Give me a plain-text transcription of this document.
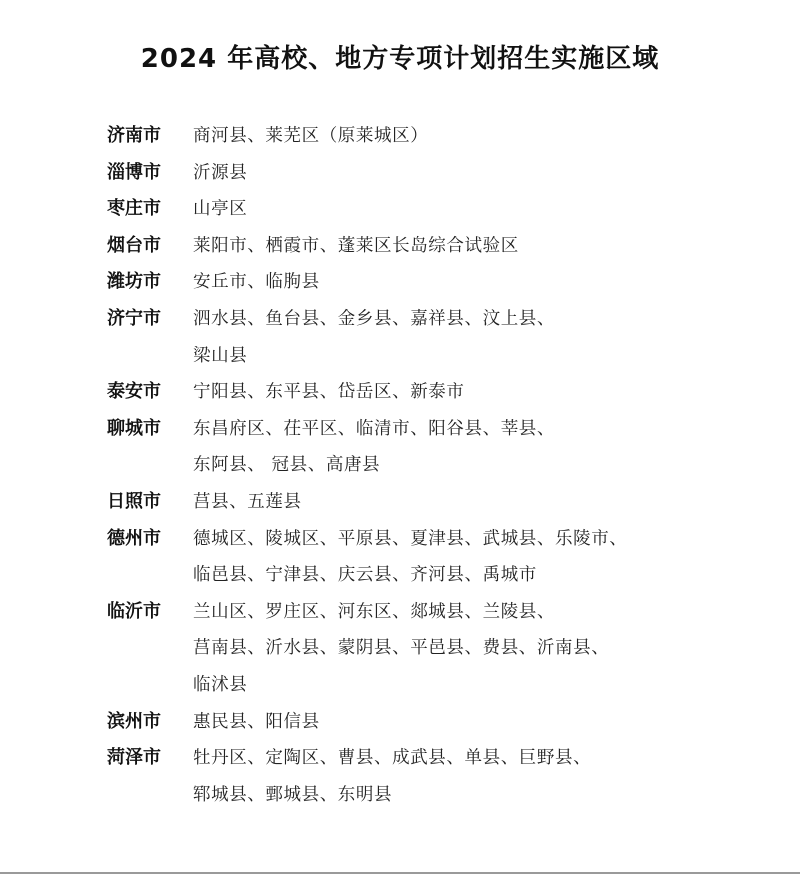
2024 年高校、地方专项计划招生实施区域
济南市	商河县、莱芜区（原莱城区）
淄博市	沂源县
枣庄市	山亭区
烟台市	莱阳市、栖霞市、蓬莱区长岛综合试验区
潍坊市	安丘市、临朐县
济宁市	泗水县、鱼台县、金乡县、嘉祥县、汶上县、
梁山县
泰安市	宁阳县、东平县、岱岳区、新泰市
聊城市	东昌府区、茌平区、临清市、阳谷县、莘县、
东阿县、 冠县、高唐县
日照市	莒县、五莲县
德州市	德城区、陵城区、平原县、夏津县、武城县、乐陵市、
临邑县、宁津县、庆云县、齐河县、禹城市
临沂市	兰山区、罗庄区、河东区、郯城县、兰陵县、
莒南县、沂水县、蒙阴县、平邑县、费县、沂南县、
临沭县
滨州市	惠民县、阳信县
菏泽市	牡丹区、定陶区、曹县、成武县、单县、巨野县、
郓城县、鄄城县、东明县
